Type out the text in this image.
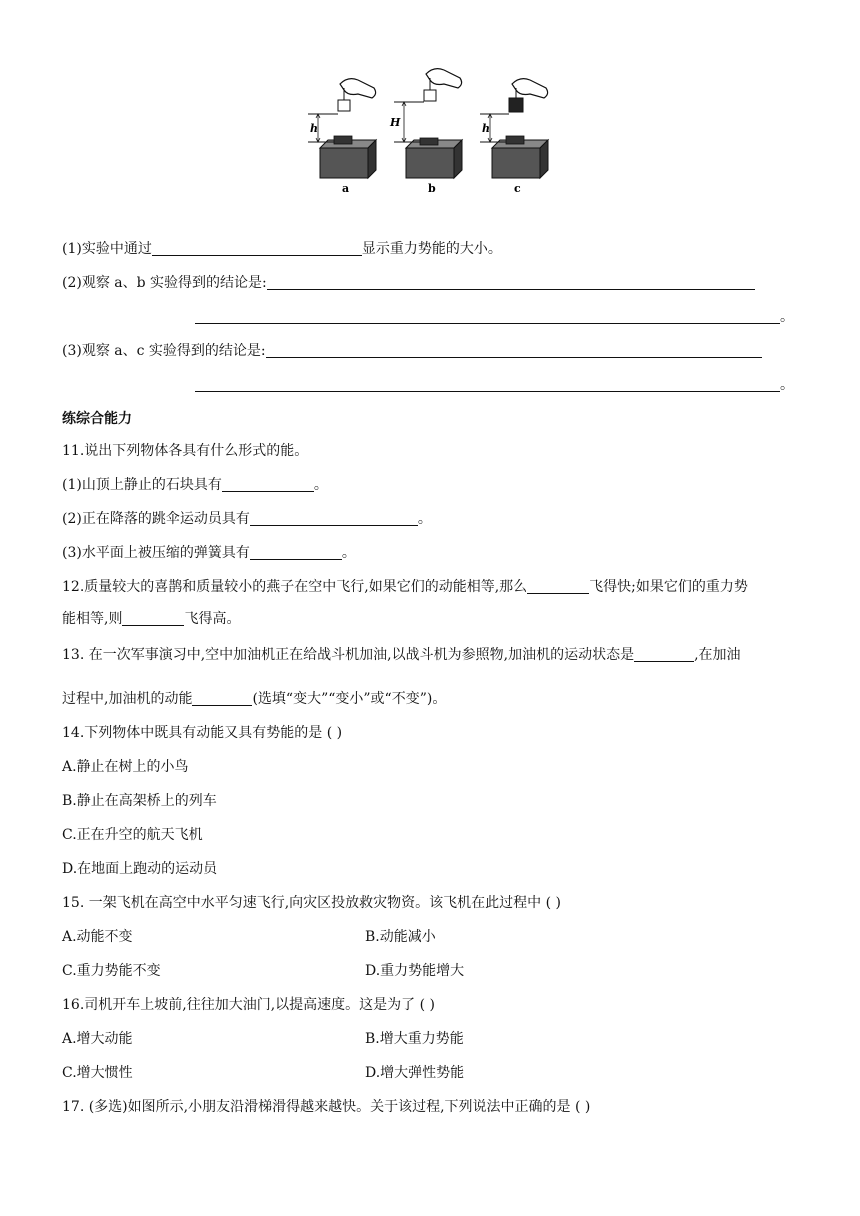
h
a
H
b
h
c
(1)实验中通过	显示重力势能的大小。
(2)观察 a、b 实验得到的结论是:
。
(3)观察 a、c 实验得到的结论是:
。
练综合能力
11.说出下列物体各具有什么形式的能。
(1)山顶上静止的石块具有	。
(2)正在降落的跳伞运动员具有	。
(3)水平面上被压缩的弹簧具有	。
12.质量较大的喜鹊和质量较小的燕子在空中飞行,如果它们的动能相等,那么	飞得快;如果它们的重力势
能相等,则	飞得高。
13. 在一次军事演习中,空中加油机正在给战斗机加油,以战斗机为参照物,加油机的运动状态是	,在加油
过程中,加油机的动能	(选填“变大”“变小”或“不变”)。
14.下列物体中既具有动能又具有势能的是 ( )
A.静止在树上的小鸟
B.静止在高架桥上的列车
C.正在升空的航天飞机
D.在地面上跑动的运动员
15. 一架飞机在高空中水平匀速飞行,向灾区投放救灾物资。该飞机在此过程中 ( )
A.动能不变	B.动能减小
C.重力势能不变	D.重力势能增大
16.司机开车上坡前,往往加大油门,以提高速度。这是为了 ( )
A.增大动能	B.增大重力势能
C.增大惯性	D.增大弹性势能
17. (多选)如图所示,小朋友沿滑梯滑得越来越快。关于该过程,下列说法中正确的是 ( )
